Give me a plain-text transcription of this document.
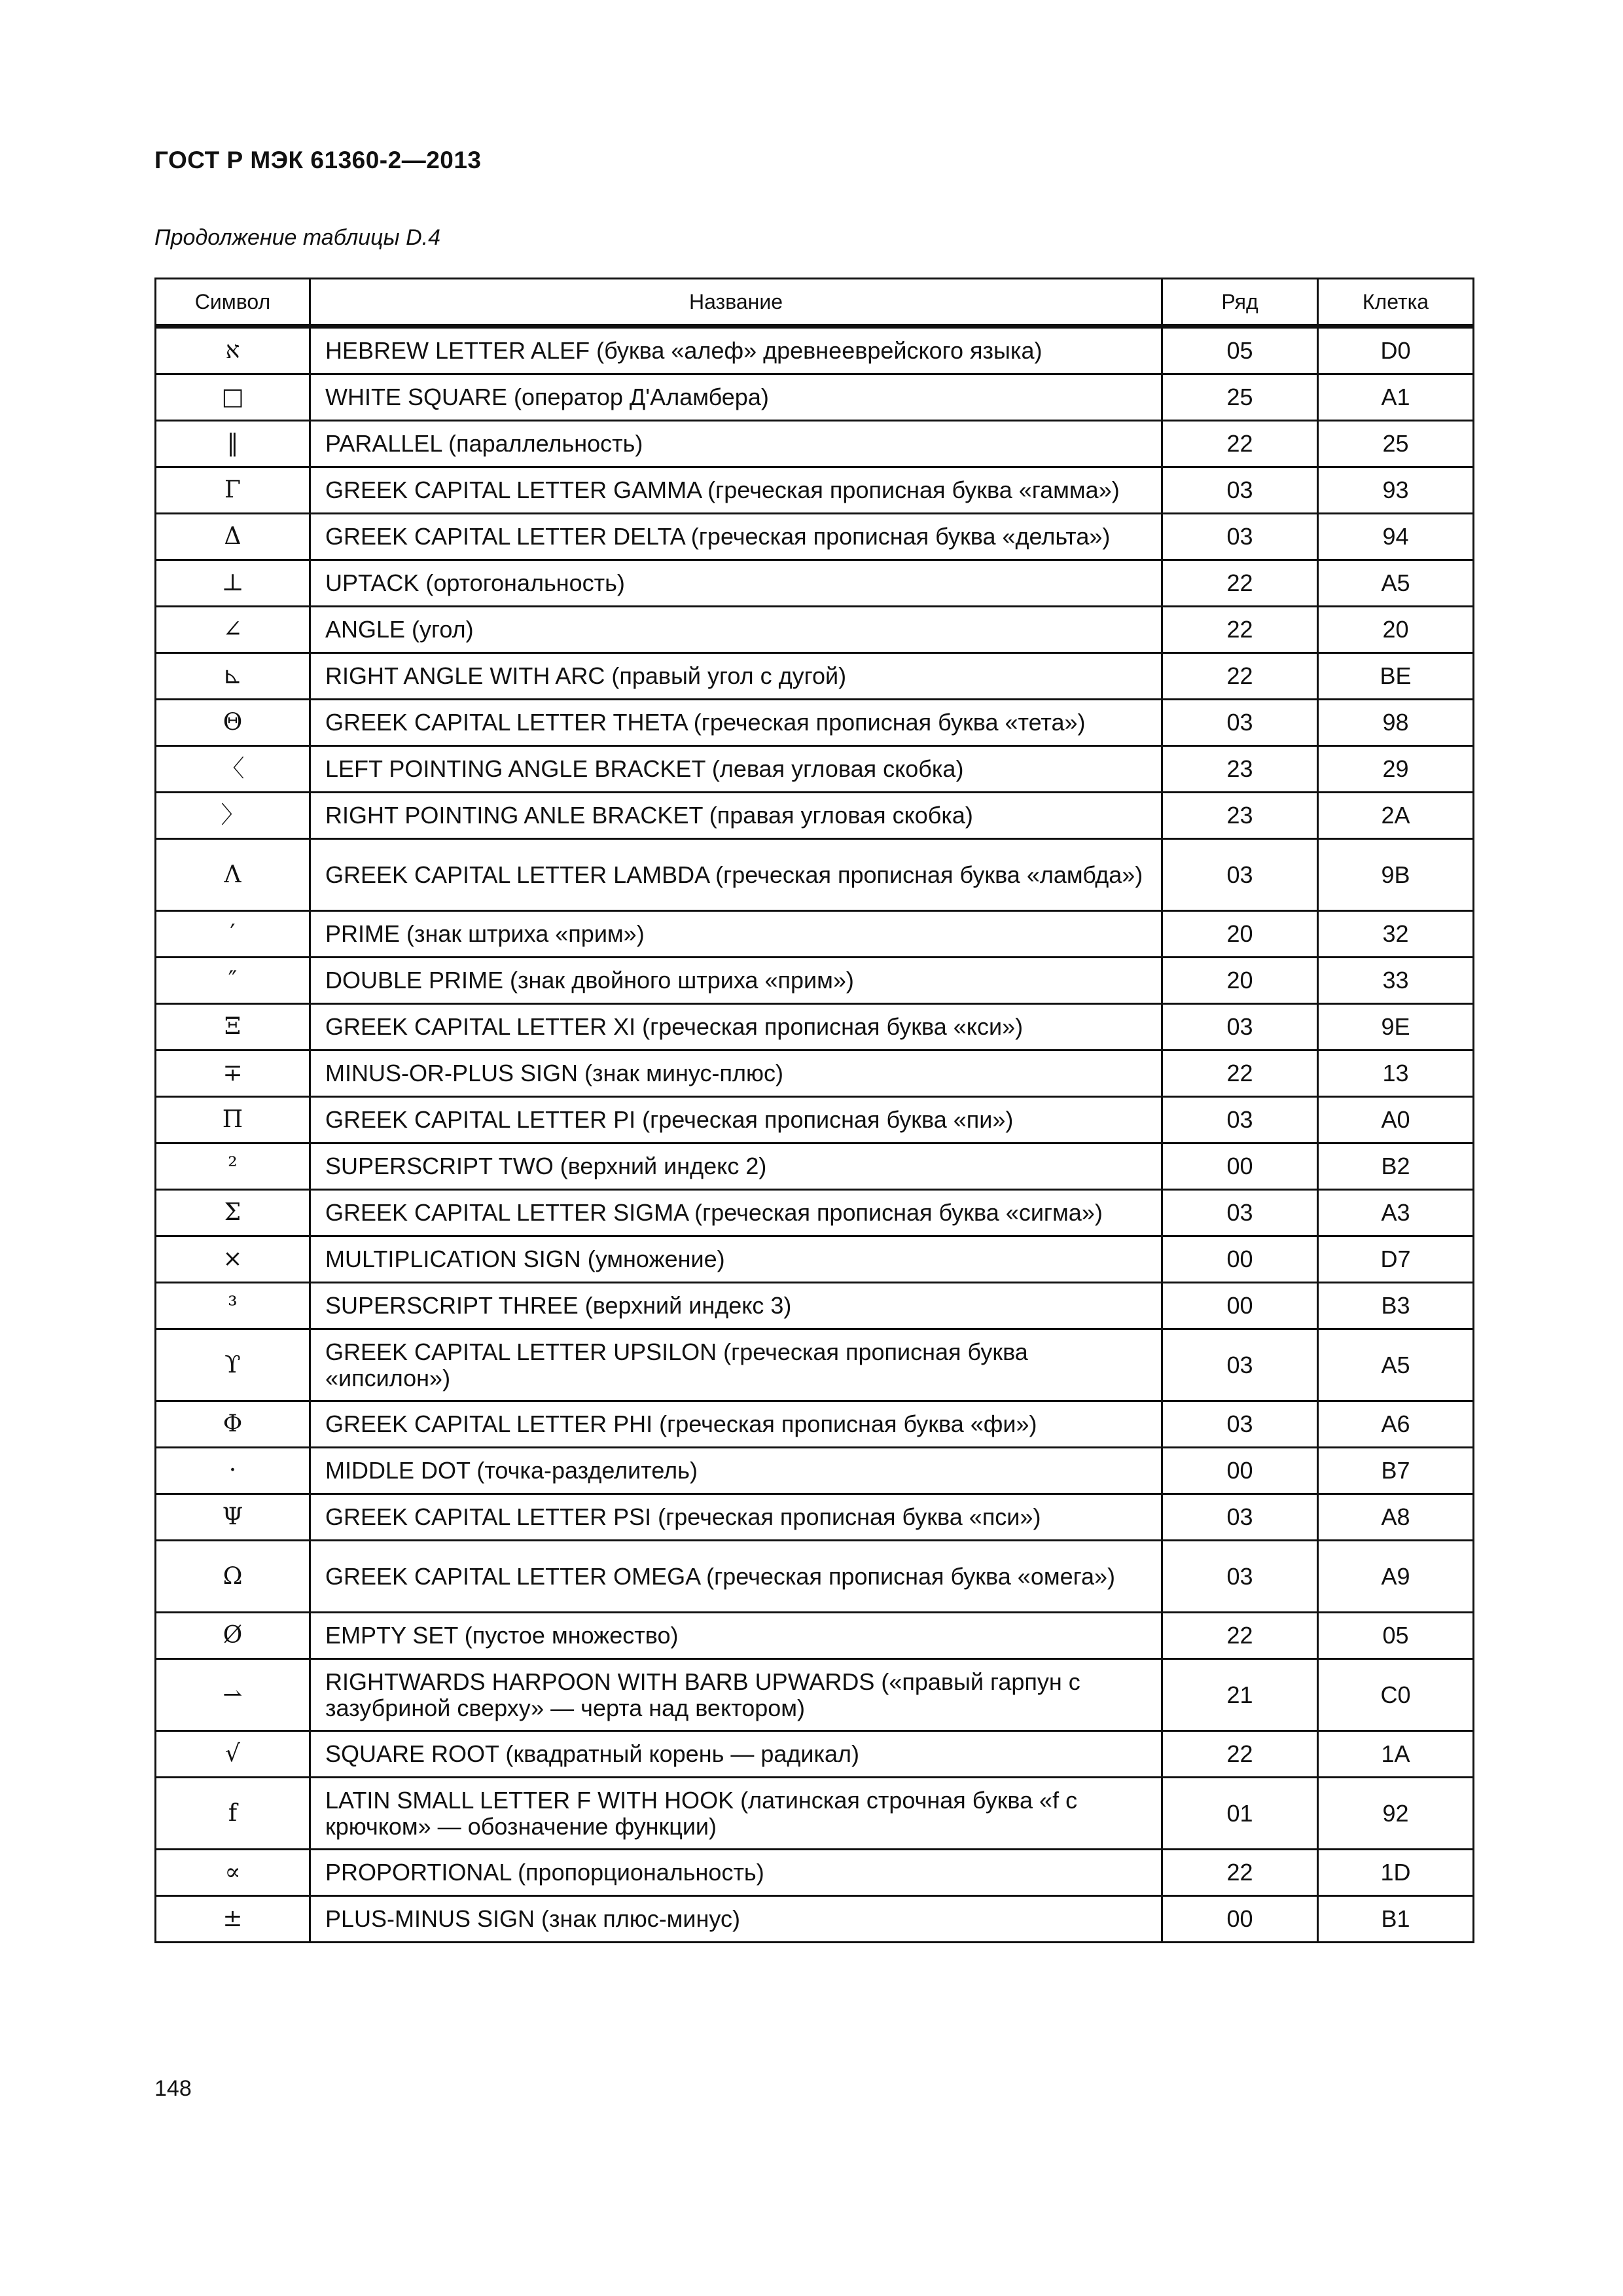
ГОСТ Р МЭК 61360-2—2013
Продолжение таблицы D.4
Символ	Название	Ряд	Клетка
א	HEBREW LETTER ALEF (буква «алеф» древнееврейского языка)	05	D0
□	WHITE SQUARE (оператор Д'Аламбера)	25	A1
‖	PARALLEL (параллельность)	22	25
Γ	GREEK CAPITAL LETTER GAMMA (греческая прописная буква «гамма»)	03	93
Δ	GREEK CAPITAL LETTER DELTA (греческая прописная буква «дельта»)	03	94
⊥	UPTACK (ортогональность)	22	A5
∠	ANGLE (угол)	22	20
⊾	RIGHT ANGLE WITH ARC (правый угол с дугой)	22	BE
Θ	GREEK CAPITAL LETTER THETA (греческая прописная буква «тета»)	03	98
〈	LEFT POINTING ANGLE BRACKET (левая угловая скобка)	23	29
〉	RIGHT POINTING ANLE BRACKET (правая угловая скобка)	23	2A
Λ	GREEK CAPITAL LETTER LAMBDA (греческая прописная буква «ламбда»)	03	9B
′	PRIME (знак штриха «прим»)	20	32
″	DOUBLE PRIME (знак двойного штриха «прим»)	20	33
Ξ	GREEK CAPITAL LETTER XI (греческая прописная буква «кси»)	03	9E
∓	MINUS-OR-PLUS SIGN (знак минус-плюс)	22	13
Π	GREEK CAPITAL LETTER PI (греческая прописная буква «пи»)	03	A0
²	SUPERSCRIPT TWO (верхний индекс 2)	00	B2
Σ	GREEK CAPITAL LETTER SIGMA (греческая прописная буква «сигма»)	03	A3
×	MULTIPLICATION SIGN (умножение)	00	D7
³	SUPERSCRIPT THREE (верхний индекс 3)	00	B3
ϒ	GREEK CAPITAL LETTER UPSILON (греческая прописная буква «ипсилон»)	03	A5
Φ	GREEK CAPITAL LETTER PHI (греческая прописная буква «фи»)	03	A6
·	MIDDLE DOT (точка-разделитель)	00	B7
Ψ	GREEK CAPITAL LETTER PSI (греческая прописная буква «пси»)	03	A8
Ω	GREEK CAPITAL LETTER OMEGA (греческая прописная буква «омега»)	03	A9
Ø	EMPTY SET (пустое множество)	22	05
⇀	RIGHTWARDS HARPOON WITH BARB UPWARDS («правый гарпун с зазубриной сверху» — черта над вектором)	21	C0
√	SQUARE ROOT (квадратный корень — радикал)	22	1A
f	LATIN SMALL LETTER F WITH HOOK (латинская строчная буква «f с крючком» — обозначение функции)	01	92
∝	PROPORTIONAL (пропорциональность)	22	1D
±	PLUS-MINUS SIGN (знак плюс-минус)	00	B1
148
